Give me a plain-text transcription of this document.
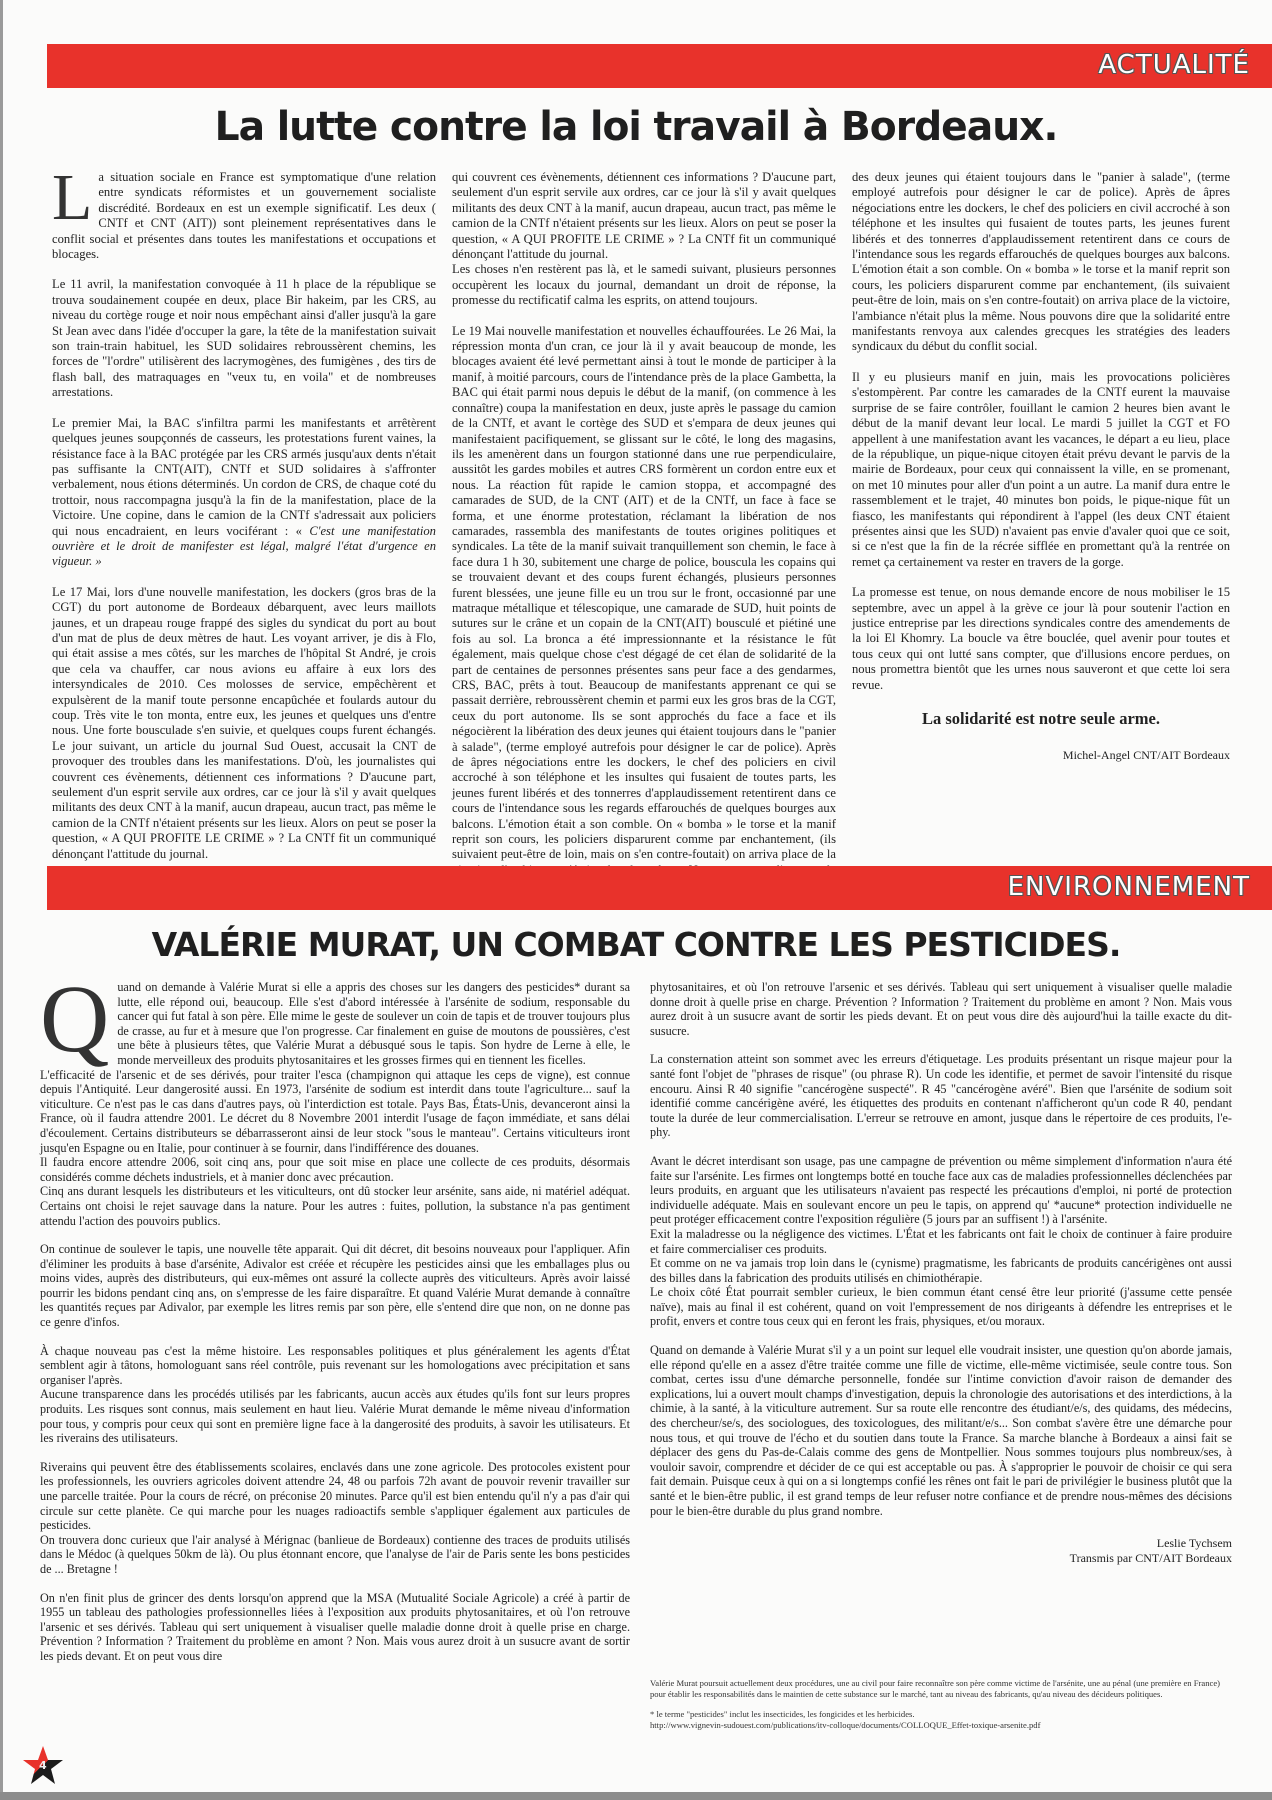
ACTUALITÉ
La lutte contre la loi travail à Bordeaux.

La situation sociale en France est symptomatique d'une relation entre syndicats réformistes et un gouvernement socialiste discrédité. Bordeaux en est un exemple significatif. Les deux ( CNTf et CNT (AIT)) sont pleinement représentatives dans le conflit social et présentes dans toutes les manifestations et occupations et blocages.

Le 11 avril, la manifestation convoquée à 11 h place de la république se trouva soudainement coupée en deux, place Bir hakeim, par les CRS, au niveau du cortège rouge et noir nous empêchant ainsi d'aller jusqu'à la gare St Jean avec dans l'idée d'occuper la gare, la tête de la manifestation suivait son train-train habituel, les SUD solidaires rebroussèrent chemins, les forces de "l'ordre" utilisèrent des lacrymogènes, des fumigènes , des tirs de flash ball, des matraquages en "veux tu, en voila" et de nombreuses arrestations.

Le premier Mai, la BAC s'infiltra parmi les manifestants et arrêtèrent quelques jeunes soupçonnés de casseurs, les protestations furent vaines, la résistance face à la BAC protégée par les CRS armés jusqu'aux dents n'était pas suffisante la CNT(AIT), CNTf et SUD solidaires à s'affronter verbalement, nous étions déterminés. Un cordon de CRS, de chaque coté du trottoir, nous raccompagna jusqu'à la fin de la manifestation, place de la Victoire. Une copine, dans le camion de la CNTf s'adressait aux policiers qui nous encadraient, en leurs vociférant : « C'est une manifestation ouvrière et le droit de manifester est légal, malgré l'état d'urgence en vigueur. »

Le 17 Mai, lors d'une nouvelle manifestation, les dockers (gros bras de la CGT) du port autonome de Bordeaux débarquent, avec leurs maillots jaunes, et un drapeau rouge frappé des sigles du syndicat du port au bout d'un mat de plus de deux mètres de haut. Les voyant arriver, je dis à Flo, qui était assise a mes côtés, sur les marches de l'hôpital St André, je crois que cela va chauffer, car nous avions eu affaire à eux lors des intersyndicales de 2010. Ces molosses de service, empêchèrent et expulsèrent de la manif toute personne encapûchée et foulards autour du coup. Très vite le ton monta, entre eux, les jeunes et quelques uns d'entre nous. Une forte bousculade s'en suivie, et quelques coups furent échangés. Le jour suivant, un article du journal Sud Ouest, accusait la CNT de provoquer des troubles dans les manifestations. D'où, les journalistes qui couvrent ces évènements, détiennent ces informations ? D'aucune part, seulement d'un esprit servile aux ordres, car ce jour là s'il y avait quelques militants des deux CNT à la manif, aucun drapeau, aucun tract, pas même le camion de la CNTf n'étaient présents sur les lieux. Alors on peut se poser la question, « A QUI PROFITE LE CRIME » ? La CNTf fit un communiqué dénonçant l'attitude du journal.

qui couvrent ces évènements, détiennent ces informations ? D'aucune part, seulement d'un esprit servile aux ordres, car ce jour là s'il y avait quelques militants des deux CNT à la manif, aucun drapeau, aucun tract, pas même le camion de la CNTf n'étaient présents sur les lieux. Alors on peut se poser la question, « A QUI PROFITE LE CRIME » ? La CNTf fit un communiqué dénonçant l'attitude du journal.

Les choses n'en restèrent pas là, et le samedi suivant, plusieurs personnes occupèrent les locaux du journal, demandant un droit de réponse, la promesse du rectificatif calma les esprits, on attend toujours.

Le 19 Mai nouvelle manifestation et nouvelles échauffourées. Le 26 Mai, la répression monta d'un cran, ce jour là il y avait beaucoup de monde, les blocages avaient été levé permettant ainsi à tout le monde de participer à la manif, à moitié parcours, cours de l'intendance près de la place Gambetta, la BAC qui était parmi nous depuis le début de la manif, (on commence à les connaître) coupa la manifestation en deux, juste après le passage du camion de la CNTf, et avant le cortège des SUD et s'empara de deux jeunes qui manifestaient pacifiquement, se glissant sur le côté, le long des magasins, ils les amenèrent dans un fourgon stationné dans une rue perpendiculaire, aussitôt les gardes mobiles et autres CRS formèrent un cordon entre eux et nous. La réaction fût rapide le camion stoppa, et accompagné des camarades de SUD, de la CNT (AIT) et de la CNTf, un face à face se forma, et une énorme protestation, réclamant la libération de nos camarades, rassembla des manifestants de toutes origines politiques et syndicales. La tête de la manif suivait tranquillement son chemin, le face à face dura 1 h 30, subitement une charge de police, bouscula les copains qui se trouvaient devant et des coups furent échangés, plusieurs personnes furent blessées, une jeune fille eu un trou sur le front, occasionné par une matraque métallique et télescopique, une camarade de SUD, huit points de sutures sur le crâne et un copain de la CNT(AIT) bousculé et piétiné une fois au sol. La bronca a été impressionnante et la résistance le fût également, mais quelque chose c'est dégagé de cet élan de solidarité de la part de centaines de personnes présentes sans peur face a des gendarmes, CRS, BAC, prêts à tout. Beaucoup de manifestants apprenant ce qui se passait derrière, rebroussèrent chemin et parmi eux les gros bras de la CGT, ceux du port autonome. Ils se sont approchés du face a face et ils négocièrent la libération des deux jeunes qui étaient toujours dans le "panier à salade", (terme employé autrefois pour désigner le car de police). Après de âpres négociations entre les dockers, le chef des policiers en civil accroché à son téléphone et les insultes qui fusaient de toutes parts, les jeunes furent libérés et des tonnerres d'applaudissement retentirent dans ce cours de l'intendance sous les regards effarouchés de quelques bourges aux balcons. L'émotion était a son comble. On « bomba » le torse et la manif reprit son cours, les policiers disparurent comme par enchantement, (ils suivaient peut-être de loin, mais on s'en contre-foutait) on arriva place de la

des deux jeunes qui étaient toujours dans le "panier à salade", (terme employé autrefois pour désigner le car de police). Après de âpres négociations entre les dockers, le chef des policiers en civil accroché à son téléphone et les insultes qui fusaient de toutes parts, les jeunes furent libérés et des tonnerres d'applaudissement retentirent dans ce cours de l'intendance sous les regards effarouchés de quelques bourges aux balcons. L'émotion était a son comble. On « bomba » le torse et la manif reprit son cours, les policiers disparurent comme par enchantement, (ils suivaient peut-être de loin, mais on s'en contre-foutait) on arriva place de la victoire, l'ambiance n'était plus la même. Nous pouvons dire que la solidarité entre manifestants renvoya aux calendes grecques les stratégies des leaders syndicaux du début du conflit social.

Il y eu plusieurs manif en juin, mais les provocations policières s'estompèrent. Par contre les camarades de la CNTf eurent la mauvaise surprise de se faire contrôler, fouillant le camion 2 heures bien avant le début de la manif devant leur local. Le mardi 5 juillet la CGT et FO appellent à une manifestation avant les vacances, le départ a eu lieu, place de la république, un pique-nique citoyen était prévu devant le parvis de la mairie de Bordeaux, pour ceux qui connaissent la ville, en se promenant, on met 10 minutes pour aller d'un point a un autre. La manif dura entre le rassemblement et le trajet, 40 minutes bon poids, le pique-nique fût un fiasco, les manifestants qui répondirent à l'appel (les deux CNT étaient présentes ainsi que les SUD) n'avaient pas envie d'avaler quoi que ce soit, si ce n'est que la fin de la récrée sifflée en promettant qu'à la rentrée on remet ça certainement va rester en travers de la gorge.

La promesse est tenue, on nous demande encore de nous mobiliser le 15 septembre, avec un appel à la grève ce jour là pour soutenir l'action en justice entreprise par les directions syndicales contre des amendements de la loi El Khomry. La boucle va être bouclée, quel avenir pour toutes et tous ceux qui ont lutté sans compter, que d'illusions encore perdues, on nous promettra bientôt que les urnes nous sauveront et que cette loi sera revue.

La solidarité est notre seule arme.
Michel-Angel CNT/AIT Bordeaux
ENVIRONNEMENT
VALÉRIE MURAT, UN COMBAT CONTRE LES PESTICIDES.

Quand on demande à Valérie Murat si elle a appris des choses sur les dangers des pesticides* durant sa lutte, elle répond oui, beaucoup. Elle s'est d'abord intéressée à l'arsénite de sodium, responsable du cancer qui fut fatal à son père. Elle mime le geste de soulever un coin de tapis et de trouver toujours plus de crasse, au fur et à mesure que l'on progresse. Car finalement en guise de moutons de poussières, c'est une bête à plusieurs têtes, que Valérie Murat a débusqué sous le tapis. Son hydre de Lerne à elle, le monde merveilleux des produits phytosanitaires et les grosses firmes qui en tiennent les ficelles.

L'efficacité de l'arsenic et de ses dérivés, pour traiter l'esca (champignon qui attaque les ceps de vigne), est connue depuis l'Antiquité. Leur dangerosité aussi. En 1973, l'arsénite de sodium est interdit dans toute l'agriculture... sauf la viticulture. Ce n'est pas le cas dans d'autres pays, où l'interdiction est totale. Pays Bas, États-Unis, devanceront ainsi la France, où il faudra attendre 2001. Le décret du 8 Novembre 2001 interdit l'usage de façon immédiate, et sans délai d'écoulement. Certains distributeurs se débarrasseront ainsi de leur stock "sous le manteau". Certains viticulteurs iront jusqu'en Espagne ou en Italie, pour continuer à se fournir, dans l'indifférence des douanes.

Il faudra encore attendre 2006, soit cinq ans, pour que soit mise en place une collecte de ces produits, désormais considérés comme déchets industriels, et à manier donc avec précaution.

Cinq ans durant lesquels les distributeurs et les viticulteurs, ont dû stocker leur arsénite, sans aide, ni matériel adéquat. Certains ont choisi le rejet sauvage dans la nature. Pour les autres : fuites, pollution, la substance n'a pas gentiment attendu l'action des pouvoirs publics.

On continue de soulever le tapis, une nouvelle tête apparait. Qui dit décret, dit besoins nouveaux pour l'appliquer. Afin d'éliminer les produits à base d'arsénite, Adivalor est créée et récupère les pesticides ainsi que les emballages plus ou moins vides, auprès des distributeurs, qui eux-mêmes ont assuré la collecte auprès des viticulteurs. Après avoir laissé pourrir les bidons pendant cinq ans, on s'empresse de les faire disparaître. Et quand Valérie Murat demande à connaître les quantités reçues par Adivalor, par exemple les litres remis par son père, elle s'entend dire que non, on ne donne pas ce genre d'infos.

À chaque nouveau pas c'est la même histoire. Les responsables politiques et plus généralement les agents d'État semblent agir à tâtons, homologuant sans réel contrôle, puis revenant sur les homologations avec précipitation et sans organiser l'après.

Aucune transparence dans les procédés utilisés par les fabricants, aucun accès aux études qu'ils font sur leurs propres produits. Les risques sont connus, mais seulement en haut lieu. Valérie Murat demande le même niveau d'information pour tous, y compris pour ceux qui sont en première ligne face à la dangerosité des produits, à savoir les utilisateurs. Et les riverains des utilisateurs.

Riverains qui peuvent être des établissements scolaires, enclavés dans une zone agricole. Des protocoles existent pour les professionnels, les ouvriers agricoles doivent attendre 24, 48 ou parfois 72h avant de pouvoir revenir travailler sur une parcelle traitée. Pour la cours de récré, on préconise 20 minutes. Parce qu'il est bien entendu qu'il n'y a pas d'air qui circule sur cette planète. Ce qui marche pour les nuages radioactifs semble s'appliquer également aux particules de pesticides.

On trouvera donc curieux que l'air analysé à Mérignac (banlieue de Bordeaux) contienne des traces de produits utilisés dans le Médoc (à quelques 50km de là). Ou plus étonnant encore, que l'analyse de l'air de Paris sente les bons pesticides de ... Bretagne !

On n'en finit plus de grincer des dents lorsqu'on apprend que la MSA (Mutualité Sociale Agricole) a créé à partir de 1955 un tableau des pathologies professionnelles liées à l'exposition aux produits phytosanitaires, et où l'on retrouve l'arsenic et ses dérivés. Tableau qui sert uniquement à visualiser quelle maladie donne droit à quelle prise en charge. Prévention ? Information ? Traitement du problème en amont ? Non. Mais vous aurez droit à un susucre avant de sortir les pieds devant. Et on peut vous dire

phytosanitaires, et où l'on retrouve l'arsenic et ses dérivés. Tableau qui sert uniquement à visualiser quelle maladie donne droit à quelle prise en charge. Prévention ? Information ? Traitement du problème en amont ? Non. Mais vous aurez droit à un susucre avant de sortir les pieds devant. Et on peut vous dire dès aujourd'hui la taille exacte du dit-susucre.

La consternation atteint son sommet avec les erreurs d'étiquetage. Les produits présentant un risque majeur pour la santé font l'objet de "phrases de risque" (ou phrase R). Un code les identifie, et permet de savoir l'intensité du risque encouru. Ainsi R 40 signifie "cancérogène suspecté". R 45 "cancérogène avéré". Bien que l'arsénite de sodium soit identifié comme cancérigène avéré, les étiquettes des produits en contenant n'afficheront qu'un code R 40, pendant toute la durée de leur commercialisation. L'erreur se retrouve en amont, jusque dans le répertoire de ces produits, l'e-phy.

Avant le décret interdisant son usage, pas une campagne de prévention ou même simplement d'information n'aura été faite sur l'arsénite. Les firmes ont longtemps botté en touche face aux cas de maladies professionnelles déclenchées par leurs produits, en arguant que les utilisateurs n'avaient pas respecté les précautions d'emploi, ni porté de protection individuelle adéquate. Mais en soulevant encore un peu le tapis, on apprend qu' *aucune* protection individuelle ne peut protéger efficacement contre l'exposition régulière (5 jours par an suffisent !) à l'arsénite.

Exit la maladresse ou la négligence des victimes. L'État et les fabricants ont fait le choix de continuer à faire produire et faire commercialiser ces produits.

Et comme on ne va jamais trop loin dans le (cynisme) pragmatisme, les fabricants de produits cancérigènes ont aussi des billes dans la fabrication des produits utilisés en chimiothérapie.

Le choix côté État pourrait sembler curieux, le bien commun étant censé être leur priorité (j'assume cette pensée naïve), mais au final il est cohérent, quand on voit l'empressement de nos dirigeants à défendre les entreprises et le profit, envers et contre tous ceux qui en feront les frais, physiques, et/ou moraux.

Quand on demande à Valérie Murat s'il y a un point sur lequel elle voudrait insister, une question qu'on aborde jamais, elle répond qu'elle en a assez d'être traitée comme une fille de victime, elle-même victimisée, seule contre tous. Son combat, certes issu d'une démarche personnelle, fondée sur l'intime conviction d'avoir raison de demander des explications, lui a ouvert moult champs d'investigation, depuis la chronologie des autorisations et des interdictions, à la chimie, à la santé, à la viticulture autrement. Sur sa route elle rencontre des étudiant/e/s, des quidams, des médecins, des chercheur/se/s, des sociologues, des toxicologues, des militant/e/s... Son combat s'avère être une démarche pour nous tous, et qui trouve de l'écho et du soutien dans toute la France. Sa marche blanche à Bordeaux a ainsi fait se déplacer des gens du Pas-de-Calais comme des gens de Montpellier. Nous sommes toujours plus nombreux/ses, à vouloir savoir, comprendre et décider de ce qui est acceptable ou pas. À s'approprier le pouvoir de choisir ce qui sera fait demain. Puisque ceux à qui on a si longtemps confié les rênes ont fait le pari de privilégier le business plutôt que la santé et le bien-être public, il est grand temps de leur refuser notre confiance et de prendre nous-mêmes des décisions pour le bien-être durable du plus grand nombre.

Leslie Tychsem
Transmis par CNT/AIT Bordeaux

Valérie Murat poursuit actuellement deux procédures, une au civil pour faire reconnaître son père comme victime de l'arsénite, une au pénal (une première en France) pour établir les responsabilités dans le maintien de cette substance sur le marché, tant au niveau des fabricants, qu'au niveau des décideurs politiques.

* le terme "pesticides" inclut les insecticides, les fongicides et les herbicides.

http://www.vignevin-sudouest.com/publications/itv-colloque/documents/COLLOQUE_Effet-toxique-arsenite.pdf

4
